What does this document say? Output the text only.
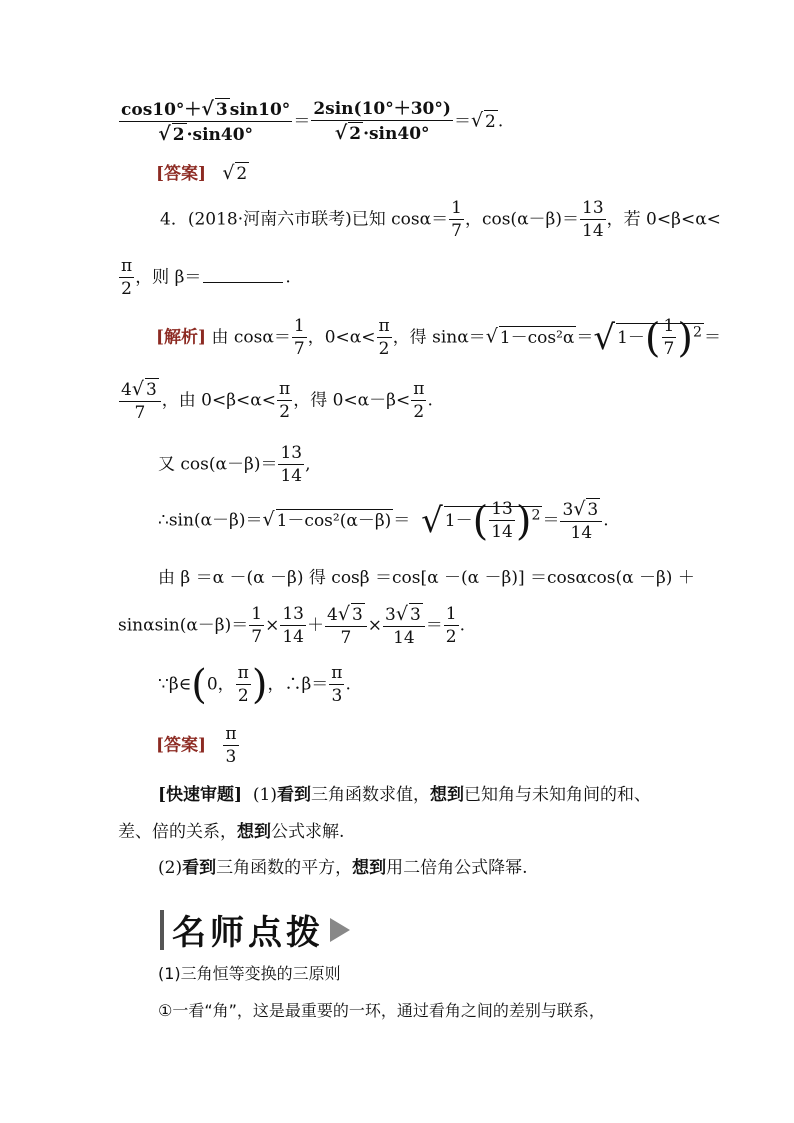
$\frac{\cos 10^\circ+√ 3 \sin 10^\circ}{√ 2 \cdot\sin 40^\circ} = \frac{2\sin(10^\circ+30^\circ)}{√ 2 \cdot\sin 40^\circ}$ ＝√ 2 .
[答案] √ 2
4．(2018·河南六市联考)已知 $\cos\alpha= \frac{1}{7}$ ，$\cos(\alpha-\beta)= \frac{13}{14}$ ，若 0<β<α<
$\frac{\pi}{2}$ ，则 β＝	.
[解析] 由 $\cos\alpha= \frac{1}{7}$ ，$0<\alpha< \frac{\pi}{2}$ ，得 sinα＝√ 1－cos²α ＝√ $1-( \frac{1}{7} )^2$ ＝
$\frac{4√ 3}{7}$ ，由 $0<\beta<\alpha< \frac{\pi}{2}$ ，得 $0<\alpha-\beta< \frac{\pi}{2}$ .
又 $\cos(\alpha-\beta)= \frac{13}{14}$ ,
∴sin(α－β)＝√ 1－cos²(α－β) ＝ √ $1-( \frac{13}{14} )^2 = \frac{3√ 3}{14}$ .
由 β ＝α －(α －β) 得 cosβ ＝cos[α －(α －β)] ＝cosαcos(α －β) ＋
$\sin\alpha\sin(\alpha-\beta)= \frac{1}{7} \times \frac{13}{14} + \frac{4√ 3}{7} \times \frac{3√ 3}{14} = \frac{1}{2}$ .
∵β∈(0， $\frac{\pi}{2}$ )，∴β＝ $\frac{\pi}{3}$ .
[答案] $\frac{\pi}{3}$
[快速审题] (1)看到三角函数求值，想到已知角与未知角间的和、
差、倍的关系，想到公式求解.
(2)看到三角函数的平方，想到用二倍角公式降幂.
名师点拨
(1)三角恒等变换的三原则
①一看“角”，这是最重要的一环，通过看角之间的差别与联系，
